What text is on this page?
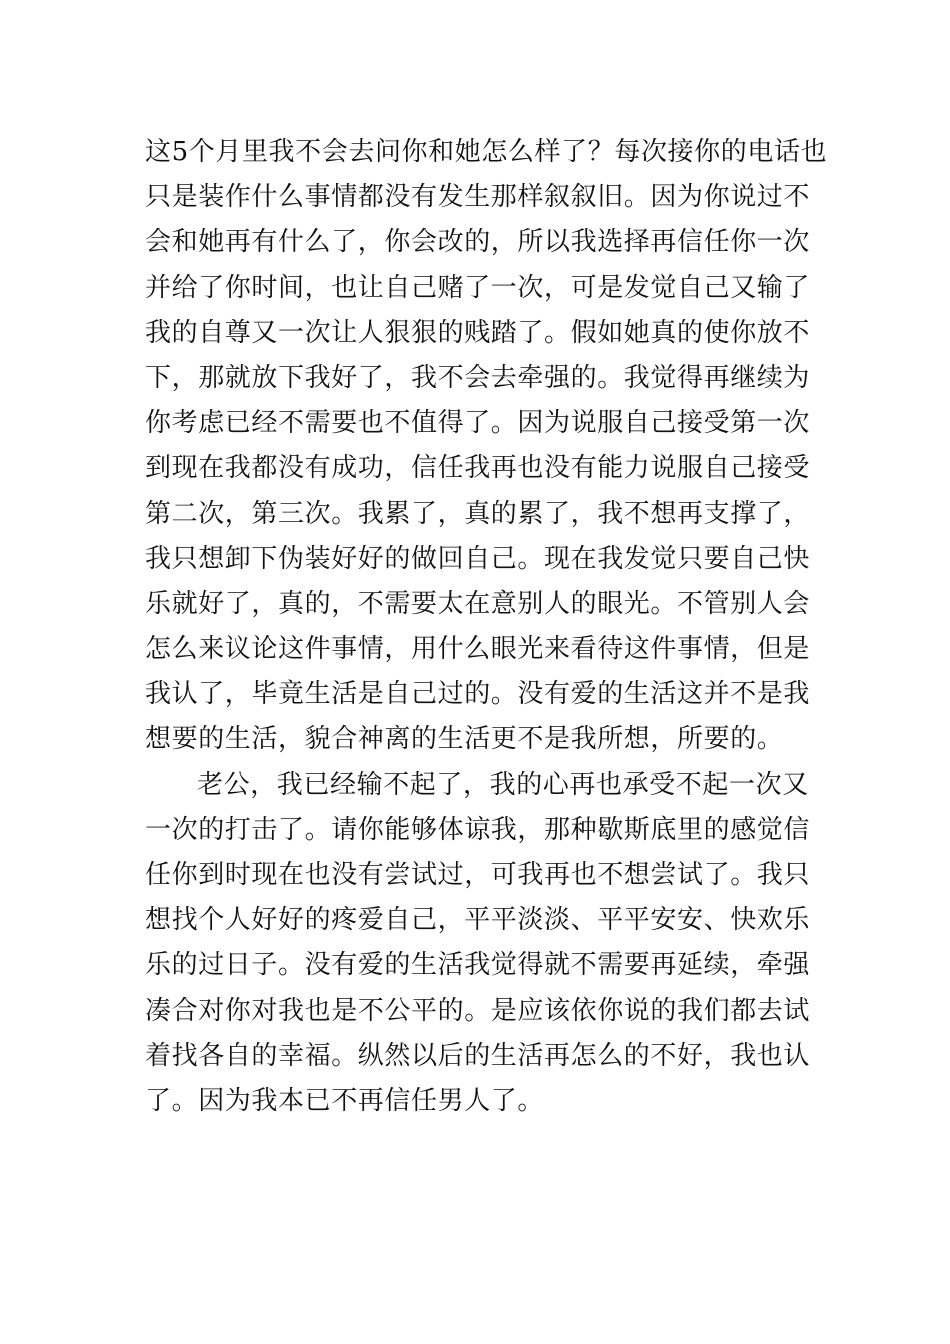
这5个月里我不会去问你和她怎么样了？每次接你的电话也
只是装作什么事情都没有发生那样叙叙旧。因为你说过不
会和她再有什么了，你会改的，所以我选择再信任你一次
并给了你时间，也让自己赌了一次，可是发觉自己又输了
我的自尊又一次让人狠狠的贱踏了。假如她真的使你放不
下，那就放下我好了，我不会去牵强的。我觉得再继续为
你考虑已经不需要也不值得了。因为说服自己接受第一次
到现在我都没有成功，信任我再也没有能力说服自己接受
第二次，第三次。我累了，真的累了，我不想再支撑了，
我只想卸下伪装好好的做回自己。现在我发觉只要自己快
乐就好了，真的，不需要太在意别人的眼光。不管别人会
怎么来议论这件事情，用什么眼光来看待这件事情，但是
我认了，毕竟生活是自己过的。没有爱的生活这并不是我
想要的生活，貌合神离的生活更不是我所想，所要的。
老公，我已经输不起了，我的心再也承受不起一次又
一次的打击了。请你能够体谅我，那种歇斯底里的感觉信
任你到时现在也没有尝试过，可我再也不想尝试了。我只
想找个人好好的疼爱自己，平平淡淡、平平安安、快欢乐
乐的过日子。没有爱的生活我觉得就不需要再延续，牵强
凑合对你对我也是不公平的。是应该依你说的我们都去试
着找各自的幸福。纵然以后的生活再怎么的不好，我也认
了。因为我本已不再信任男人了。
